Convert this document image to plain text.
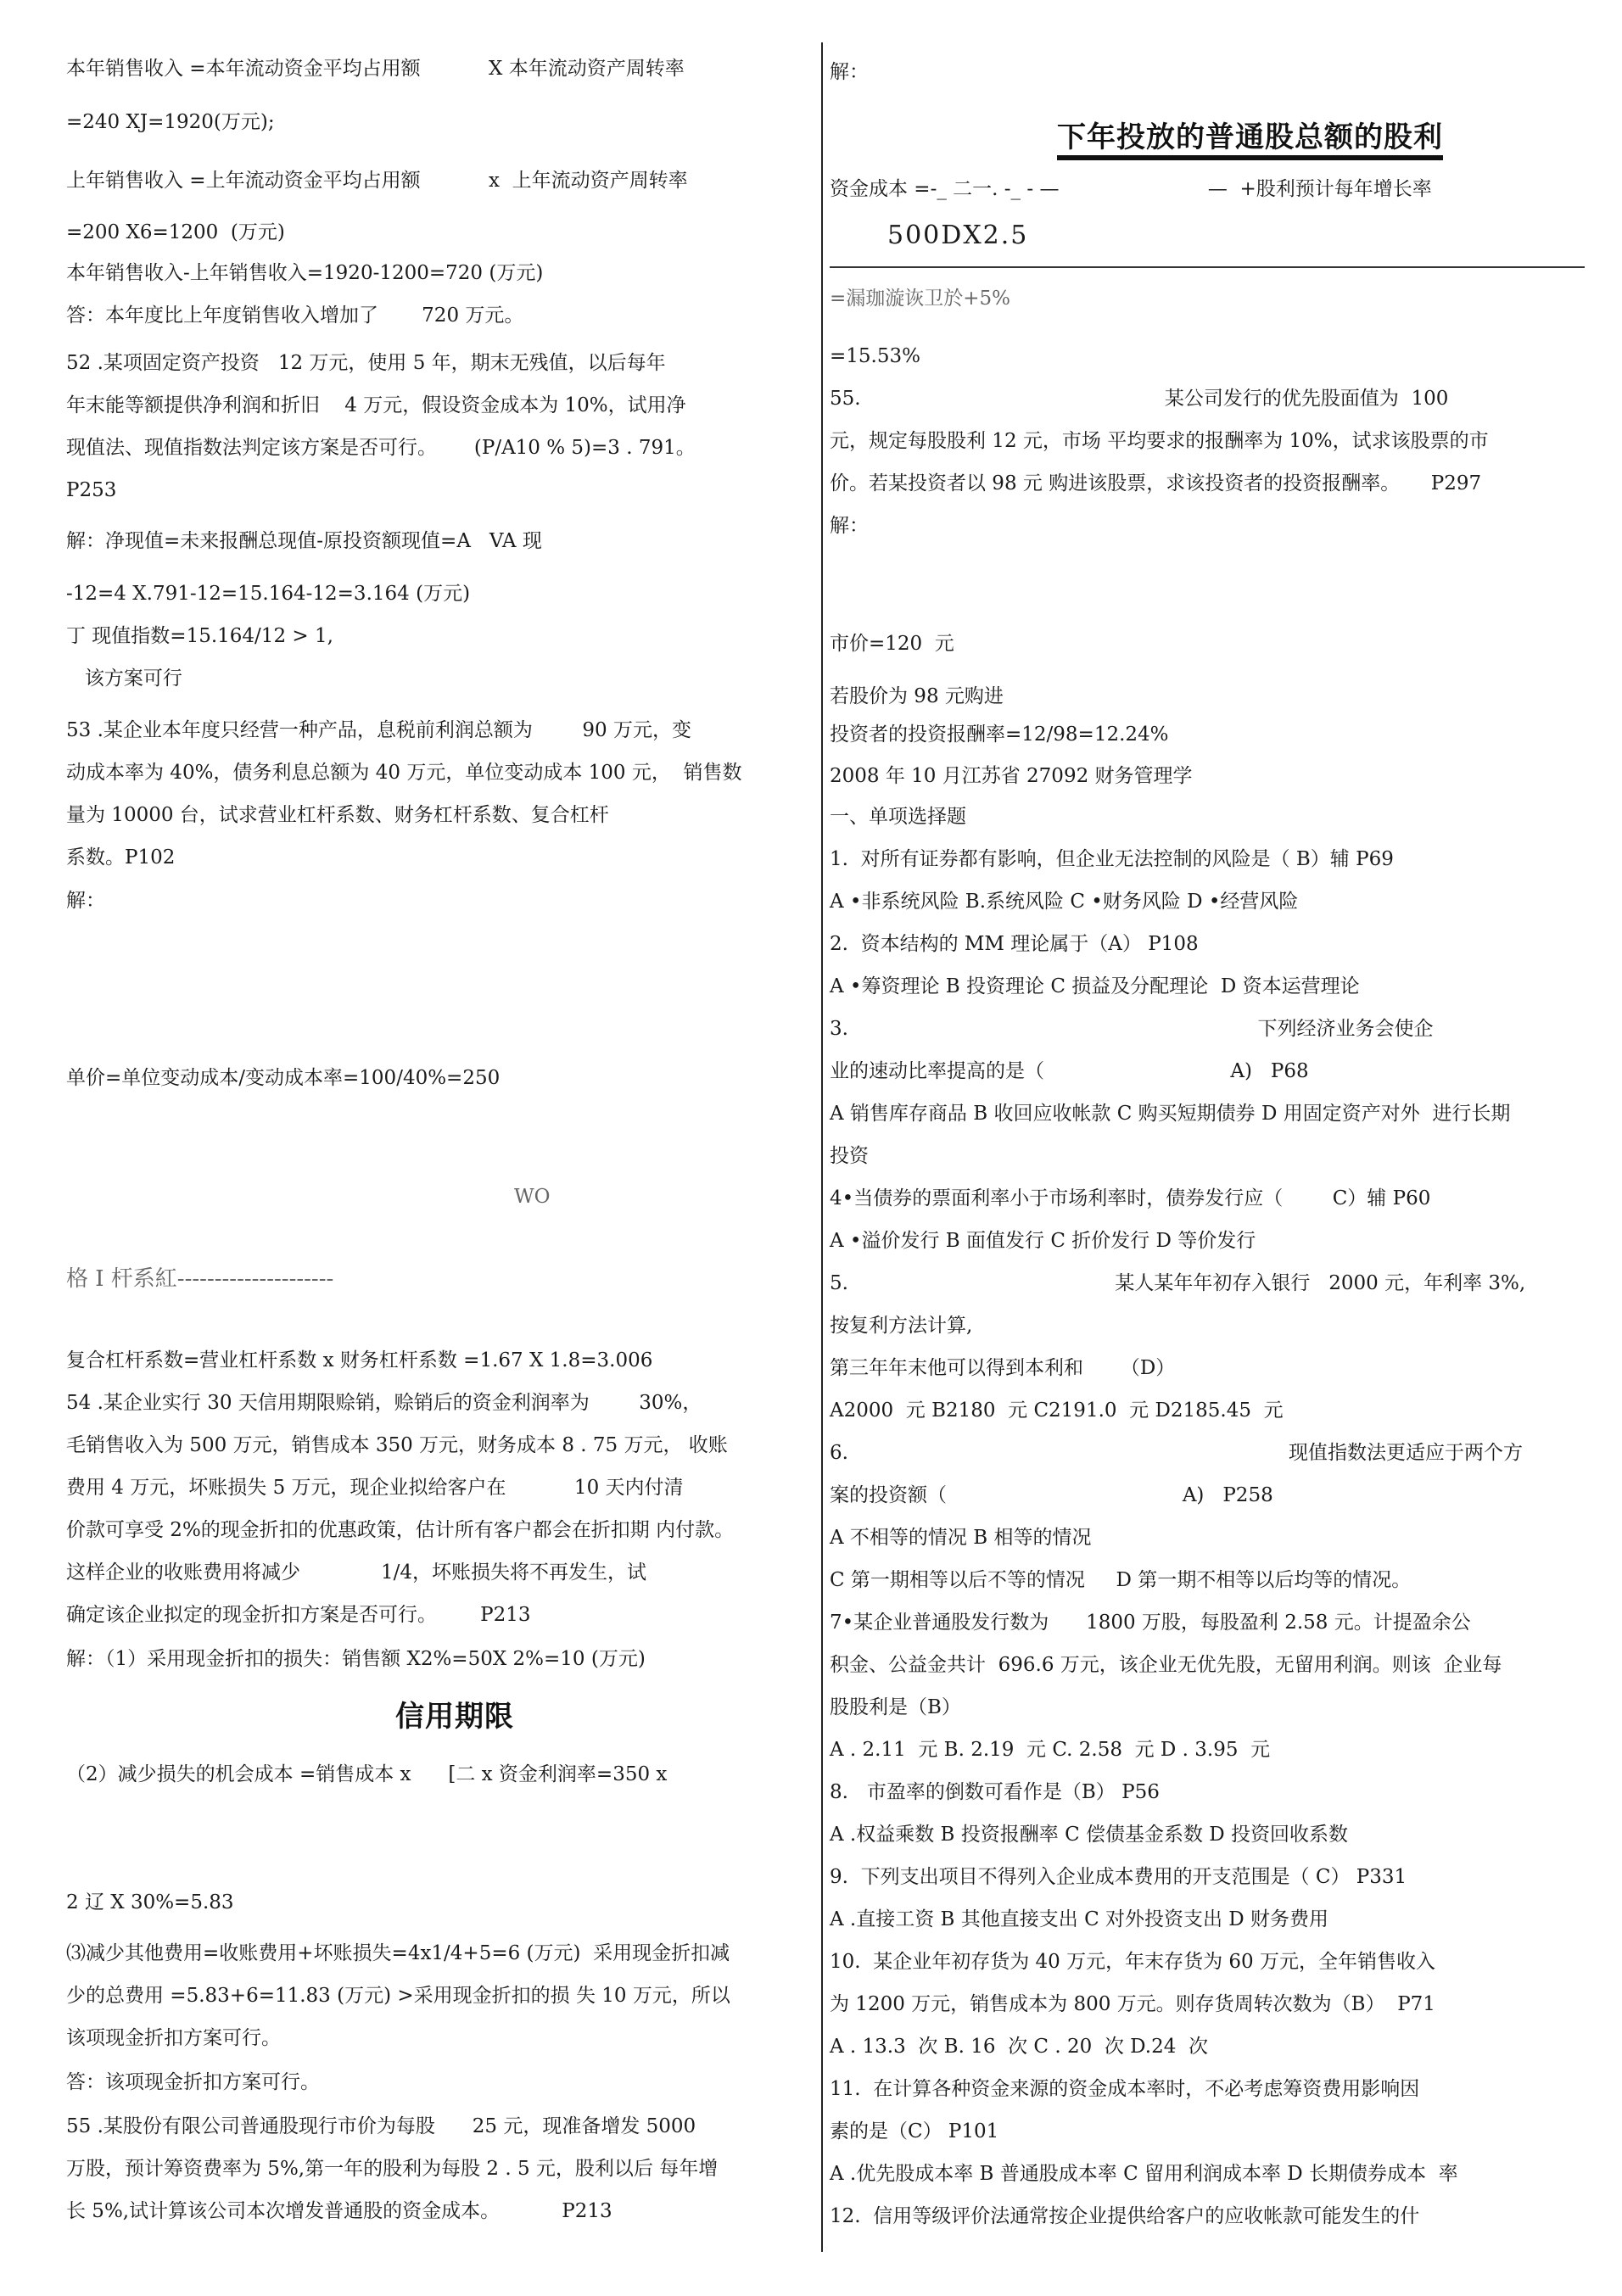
本年销售收入 =本年流动资金平均占用额           X 本年流动资产周转率
=240 XJ=1920(万元);
上年销售收入 =上年流动资金平均占用额           x  上年流动资产周转率
=200 X6=1200  (万元)
本年销售收入-上年销售收入=1920-1200=720 (万元)
答：本年度比上年度销售收入增加了       720 万元。
52 .某项固定资产投资   12 万元，使用 5 年，期末无残值，以后每年
年末能等额提供净利润和折旧    4 万元，假设资金成本为 10%，试用净
现值法、现值指数法判定该方案是否可行。      (P/A10 % 5)=3 . 791。
P253
解：净现值=未来报酬总现值-原投资额现值=A   VA 现
-12=4 X.791-12=15.164-12=3.164 (万元)
丁 现值指数=15.164/12 > 1,
该方案可行
53 .某企业本年度只经营一种产品，息税前利润总额为        90 万元，变
动成本率为 40%，债务利息总额为 40 万元，单位变动成本 100 元，  销售数
量为 10000 台，试求营业杠杆系数、财务杠杆系数、复合杠杆
系数。P102
解：
单价=单位变动成本/变动成本率=100/40%=250
WO
格 I 杆系紅---------------------
复合杠杆系数=营业杠杆系数 x 财务杠杆系数 =1.67 X 1.8=3.006
54 .某企业实行 30 天信用期限赊销，赊销后的资金利润率为        30%，
毛销售收入为 500 万元，销售成本 350 万元，财务成本 8 . 75 万元， 收账
费用 4 万元，坏账损失 5 万元，现企业拟给客户在           10 天内付清
价款可享受 2%的现金折扣的优惠政策，估计所有客户都会在折扣期 内付款。
这样企业的收账费用将减少             1/4，坏账损失将不再发生，试
确定该企业拟定的现金折扣方案是否可行。       P213
解：（1）采用现金折扣的损失：销售额 X2%=50X 2%=10 (万元)
信用期限
（2）减少损失的机会成本 =销售成本 x      [二 x 资金利润率=350 x
2 辽 X 30%=5.83
⑶减少其他费用=收账费用+坏账损失=4x1/4+5=6 (万元)  采用现金折扣减
少的总费用 =5.83+6=11.83 (万元) >采用现金折扣的损 失 10 万元，所以
该项现金折扣方案可行。
答：该项现金折扣方案可行。
55 .某股份有限公司普通股现行市价为每股      25 元，现准备增发 5000
万股，预计筹资费率为 5%,第一年的股利为每股 2 . 5 元，股利以后 每年增
长 5%,试计算该公司本次增发普通股的资金成本。          P213
解：
下年投放的普通股总额的股利
资金成本 =-_ 二一. -_ - —                        —  +股利预计每年增长率
500DX2.5
=漏珈漩诙卫於+5%
=15.53%
55.                                                 某公司发行的优先股面值为  100
元，规定每股股利 12 元，市场 平均要求的报酬率为 10%，试求该股票的市
价。若某投资者以 98 元 购进该股票，求该投资者的投资报酬率。     P297
解：
市价=120  元
若股价为 98 元购进
投资者的投资报酬率=12/98=12.24%
2008 年 10 月江苏省 27092 财务管理学
一、单项选择题
1.  对所有证券都有影响，但企业无法控制的风险是（ B）辅 P69
A •非系统风险 B.系统风险 C •财务风险 D •经营风险
2.  资本结构的 MM 理论属于（A） P108
A •筹资理论 B 投资理论 C 损益及分配理论  D 资本运营理论
3.                                                                  下列经济业务会使企
业的速动比率提高的是（                              A)   P68
A 销售库存商品 B 收回应收帐款 C 购买短期债券 D 用固定资产对外  进行长期
投资
4•当债券的票面利率小于市场利率时，债券发行应（        C）辅 P60
A •溢价发行 B 面值发行 C 折价发行 D 等价发行
5.                                           某人某年年初存入银行   2000 元，年利率 3%,
按复利方法计算,
第三年年末他可以得到本利和      （D）
A2000  元 B2180  元 C2191.0  元 D2185.45  元
6.                                                                       现值指数法更适应于两个方
案的投资额（                                      A)   P258
A 不相等的情况 B 相等的情况
C 第一期相等以后不等的情况     D 第一期不相等以后均等的情况。
7•某企业普通股发行数为      1800 万股，每股盈利 2.58 元。计提盈余公
积金、公益金共计  696.6 万元，该企业无优先股，无留用利润。则该  企业每
股股利是（B）
A . 2.11  元 B. 2.19  元 C. 2.58  元 D . 3.95  元
8.   市盈率的倒数可看作是（B） P56
A .权益乘数 B 投资报酬率 C 偿债基金系数 D 投资回收系数
9.  下列支出项目不得列入企业成本费用的开支范围是（ C） P331
A .直接工资 B 其他直接支出 C 对外投资支出 D 财务费用
10.  某企业年初存货为 40 万元，年末存货为 60 万元，全年销售收入
为 1200 万元，销售成本为 800 万元。则存货周转次数为（B）  P71
A . 13.3  次 B. 16  次 C . 20  次 D.24  次
11.  在计算各种资金来源的资金成本率时，不必考虑筹资费用影响因
素的是（C） P101
A .优先股成本率 B 普通股成本率 C 留用利润成本率 D 长期债券成本  率
12.  信用等级评价法通常按企业提供给客户的应收帐款可能发生的什
